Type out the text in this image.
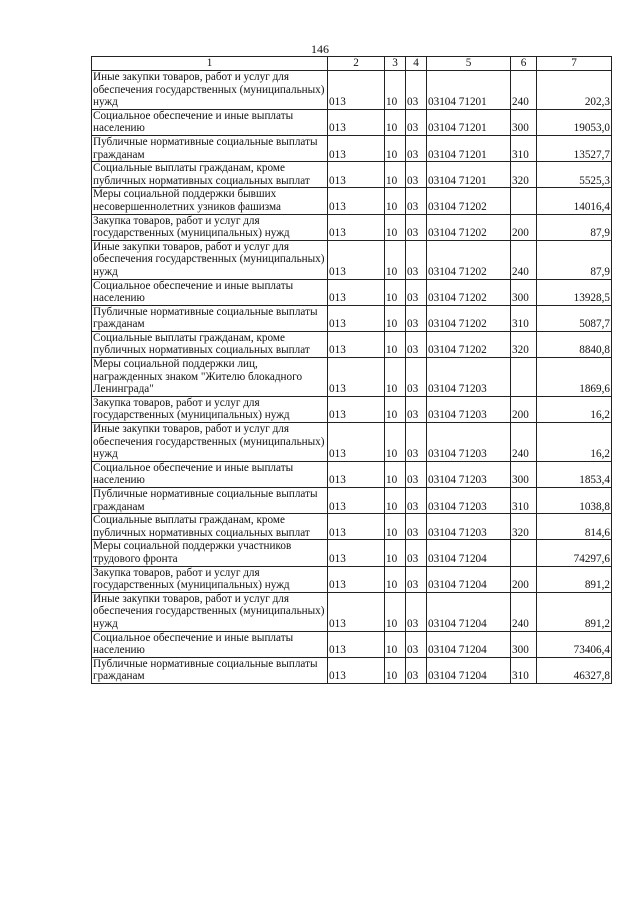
146
1	2	3	4	5	6	7
Иные закупки товаров, работ и услуг для обеспечения государственных (муниципальных) нужд	013	10	03	03104 71201	240	202,3
Социальное обеспечение и иные выплаты населению	013	10	03	03104 71201	300	19053,0
Публичные нормативные социальные выплаты гражданам	013	10	03	03104 71201	310	13527,7
Социальные выплаты гражданам, кроме публичных нормативных социальных выплат	013	10	03	03104 71201	320	5525,3
Меры социальной поддержки бывших несовершеннолетних узников фашизма	013	10	03	03104 71202		14016,4
Закупка товаров, работ и услуг для государственных (муниципальных) нужд	013	10	03	03104 71202	200	87,9
Иные закупки товаров, работ и услуг для обеспечения государственных (муниципальных) нужд	013	10	03	03104 71202	240	87,9
Социальное обеспечение и иные выплаты населению	013	10	03	03104 71202	300	13928,5
Публичные нормативные социальные выплаты гражданам	013	10	03	03104 71202	310	5087,7
Социальные выплаты гражданам, кроме публичных нормативных социальных выплат	013	10	03	03104 71202	320	8840,8
Меры социальной поддержки лиц, награжденных знаком "Жителю блокадного Ленинграда"	013	10	03	03104 71203		1869,6
Закупка товаров, работ и услуг для государственных (муниципальных) нужд	013	10	03	03104 71203	200	16,2
Иные закупки товаров, работ и услуг для обеспечения государственных (муниципальных) нужд	013	10	03	03104 71203	240	16,2
Социальное обеспечение и иные выплаты населению	013	10	03	03104 71203	300	1853,4
Публичные нормативные социальные выплаты гражданам	013	10	03	03104 71203	310	1038,8
Социальные выплаты гражданам, кроме публичных нормативных социальных выплат	013	10	03	03104 71203	320	814,6
Меры социальной поддержки участников трудового фронта	013	10	03	03104 71204		74297,6
Закупка товаров, работ и услуг для государственных (муниципальных) нужд	013	10	03	03104 71204	200	891,2
Иные закупки товаров, работ и услуг для обеспечения государственных (муниципальных) нужд	013	10	03	03104 71204	240	891,2
Социальное обеспечение и иные выплаты населению	013	10	03	03104 71204	300	73406,4
Публичные нормативные социальные выплаты гражданам	013	10	03	03104 71204	310	46327,8
